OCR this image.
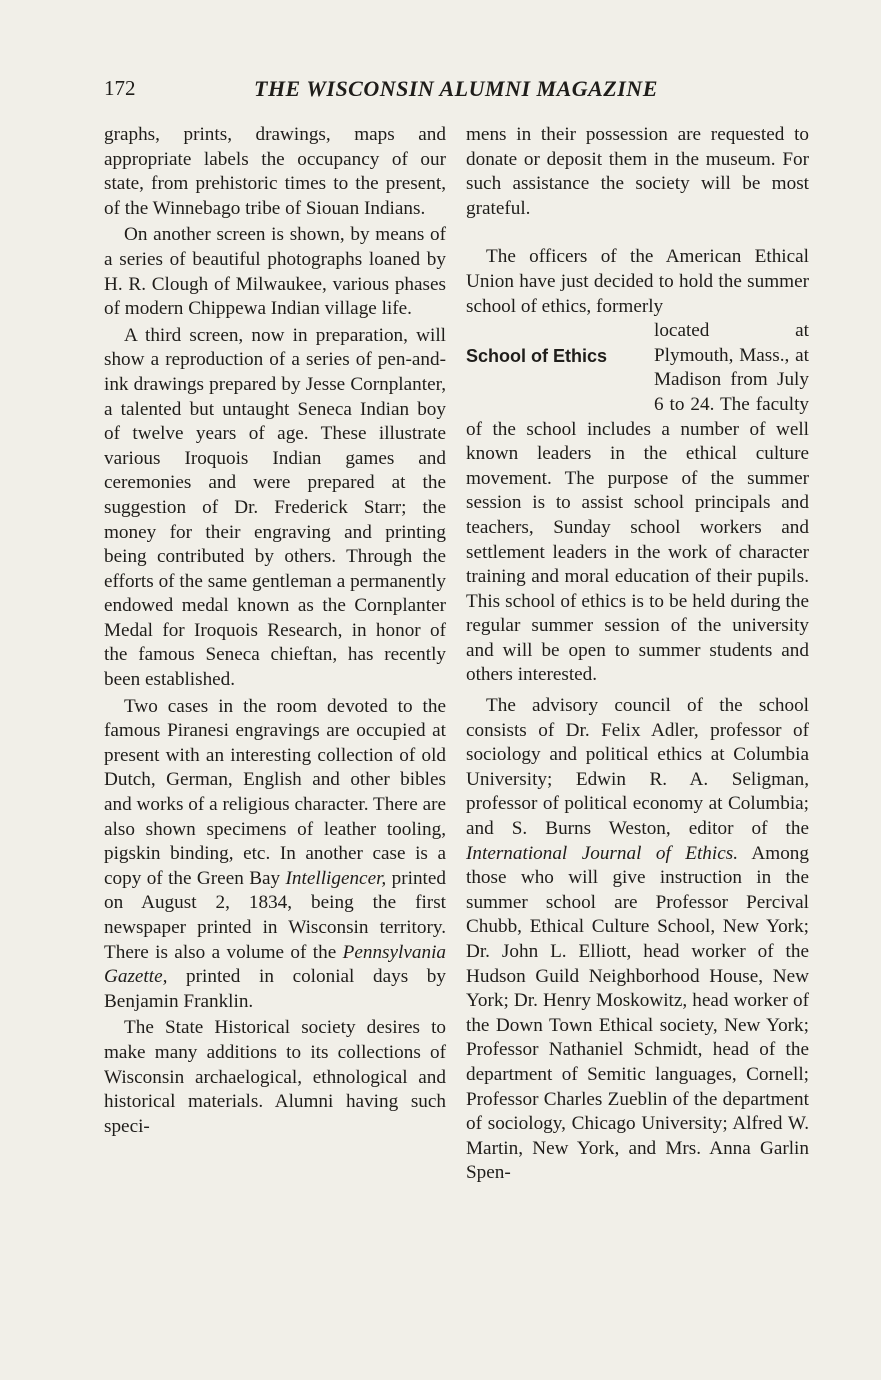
172	THE WISCONSIN ALUMNI MAGAZINE

graphs, prints, drawings, maps and appropriate labels the occupancy of our state, from prehistoric times to the present, of the Winnebago tribe of Siouan Indians.

On another screen is shown, by means of a series of beautiful photographs loaned by H. R. Clough of Milwaukee, various phases of modern Chippewa Indian village life.

A third screen, now in preparation, will show a reproduction of a series of pen-and-ink drawings prepared by Jesse Cornplanter, a talented but untaught Seneca Indian boy of twelve years of age. These illustrate various Iroquois Indian games and ceremonies and were prepared at the suggestion of Dr. Frederick Starr; the money for their engraving and printing being contributed by others. Through the efforts of the same gentleman a permanently endowed medal known as the Cornplanter Medal for Iroquois Research, in honor of the famous Seneca chieftan, has recently been established.

Two cases in the room devoted to the famous Piranesi engravings are occupied at present with an interesting collection of old Dutch, German, English and other bibles and works of a religious character. There are also shown specimens of leather tooling, pigskin binding, etc. In another case is a copy of the Green Bay Intelligencer, printed on August 2, 1834, being the first newspaper printed in Wisconsin territory. There is also a volume of the Pennsylvania Gazette, printed in colonial days by Benjamin Franklin.

The State Historical society desires to make many additions to its collections of Wisconsin archaelogical, ethnological and historical materials. Alumni having such speci-

mens in their possession are requested to donate or deposit them in the museum. For such assistance the society will be most grateful.

The officers of the American Ethical Union have just decided to hold the summer school of ethics, formerly

School of Ethics

located at Plymouth, Mass., at Madison from July 6 to 24. The faculty of the school includes a number of well known leaders in the ethical culture movement. The purpose of the summer session is to assist school principals and teachers, Sunday school workers and settlement leaders in the work of character training and moral education of their pupils. This school of ethics is to be held during the regular summer session of the university and will be open to summer students and others interested.

The advisory council of the school consists of Dr. Felix Adler, professor of sociology and political ethics at Columbia University; Edwin R. A. Seligman, professor of political economy at Columbia; and S. Burns Weston, editor of the International Journal of Ethics. Among those who will give instruction in the summer school are Professor Percival Chubb, Ethical Culture School, New York; Dr. John L. Elliott, head worker of the Hudson Guild Neighborhood House, New York; Dr. Henry Moskowitz, head worker of the Down Town Ethical society, New York; Professor Nathaniel Schmidt, head of the department of Semitic languages, Cornell; Professor Charles Zueblin of the department of sociology, Chicago University; Alfred W. Martin, New York, and Mrs. Anna Garlin Spen-
